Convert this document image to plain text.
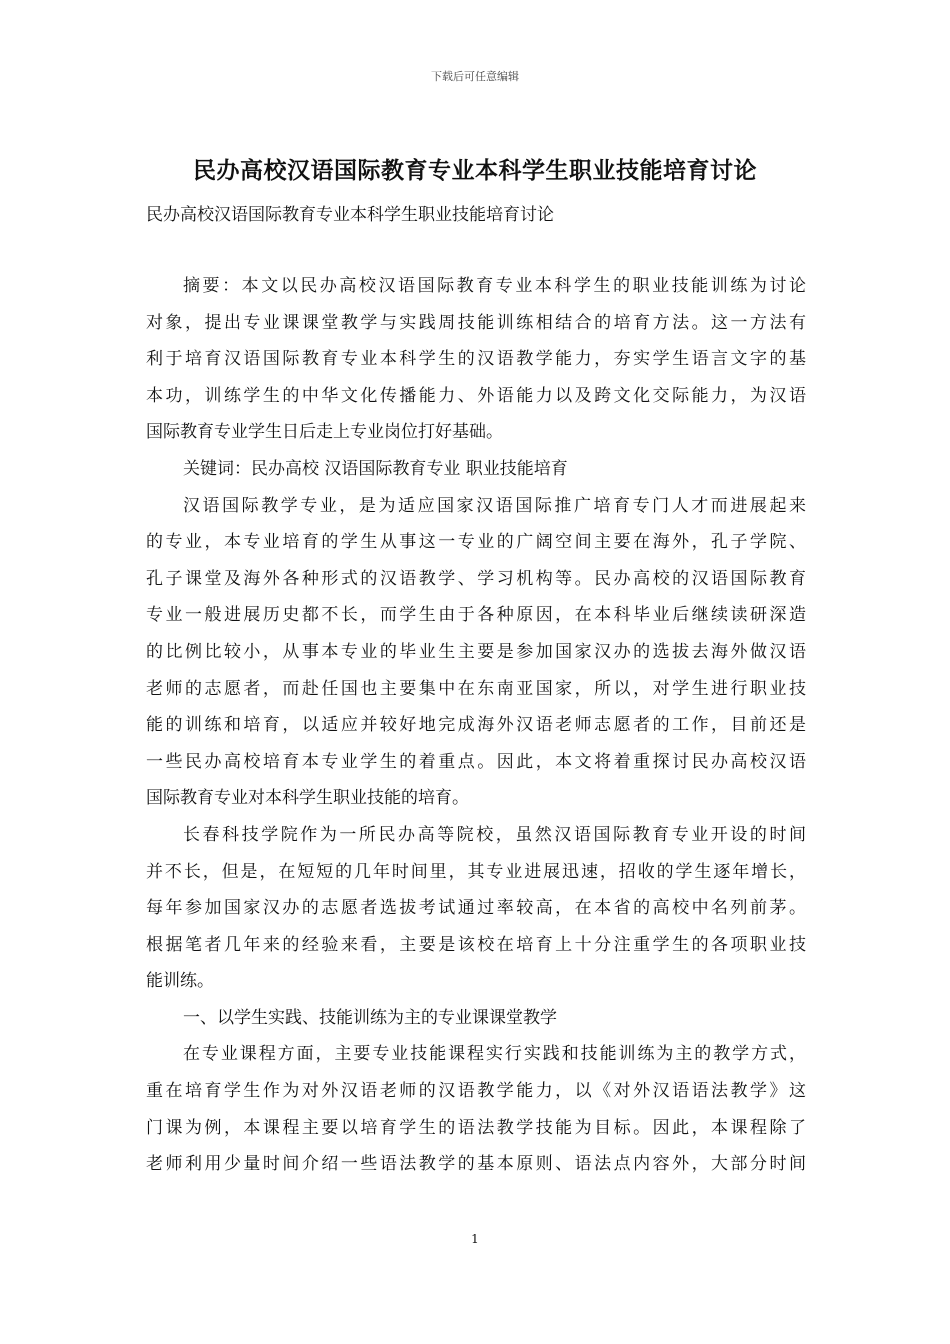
下载后可任意编辑
民办高校汉语国际教育专业本科学生职业技能培育讨论
民办高校汉语国际教育专业本科学生职业技能培育讨论
摘要：本文以民办高校汉语国际教育专业本科学生的职业技能训练为讨论
对象，提出专业课课堂教学与实践周技能训练相结合的培育方法。这一方法有
利于培育汉语国际教育专业本科学生的汉语教学能力，夯实学生语言文字的基
本功，训练学生的中华文化传播能力、外语能力以及跨文化交际能力，为汉语
国际教育专业学生日后走上专业岗位打好基础。
关键词：民办高校 汉语国际教育专业 职业技能培育
汉语国际教学专业，是为适应国家汉语国际推广培育专门人才而进展起来
的专业，本专业培育的学生从事这一专业的广阔空间主要在海外，孔子学院、
孔子课堂及海外各种形式的汉语教学、学习机构等。民办高校的汉语国际教育
专业一般进展历史都不长，而学生由于各种原因，在本科毕业后继续读研深造
的比例比较小，从事本专业的毕业生主要是参加国家汉办的选拔去海外做汉语
老师的志愿者，而赴任国也主要集中在东南亚国家，所以，对学生进行职业技
能的训练和培育，以适应并较好地完成海外汉语老师志愿者的工作，目前还是
一些民办高校培育本专业学生的着重点。因此，本文将着重探讨民办高校汉语
国际教育专业对本科学生职业技能的培育。
长春科技学院作为一所民办高等院校，虽然汉语国际教育专业开设的时间
并不长，但是，在短短的几年时间里，其专业进展迅速，招收的学生逐年增长，
每年参加国家汉办的志愿者选拔考试通过率较高，在本省的高校中名列前茅。
根据笔者几年来的经验来看，主要是该校在培育上十分注重学生的各项职业技
能训练。
一、以学生实践、技能训练为主的专业课课堂教学
在专业课程方面，主要专业技能课程实行实践和技能训练为主的教学方式，
重在培育学生作为对外汉语老师的汉语教学能力，以《对外汉语语法教学》这
门课为例，本课程主要以培育学生的语法教学技能为目标。因此，本课程除了
老师利用少量时间介绍一些语法教学的基本原则、语法点内容外，大部分时间
1
